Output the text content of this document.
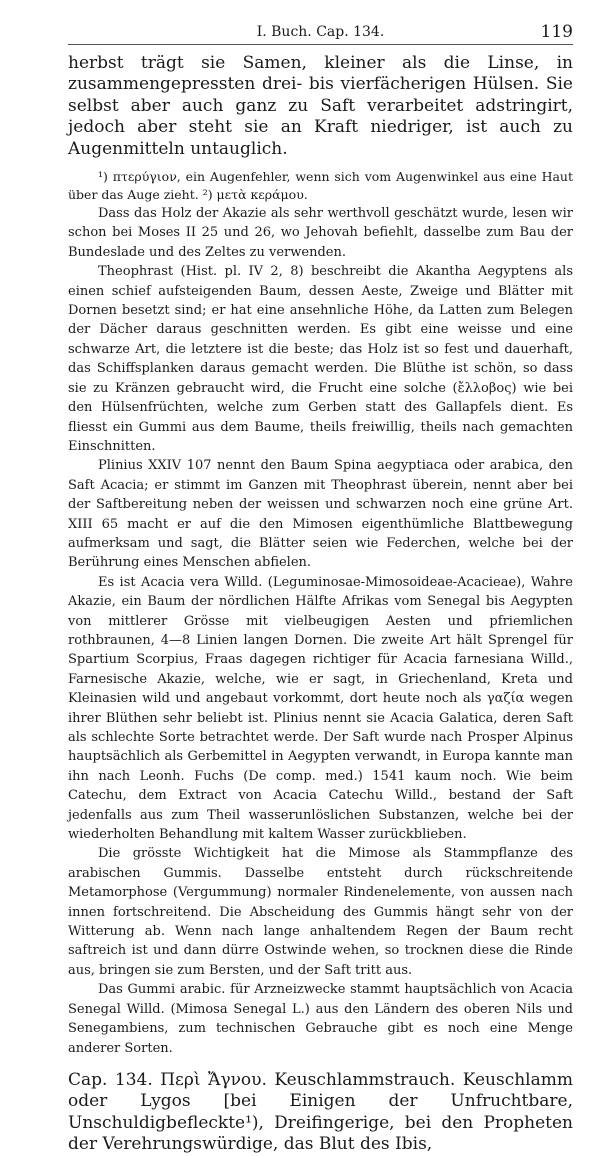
I. Buch. Cap. 134.	119

herbst trägt sie Samen, kleiner als die Linse, in zusammengepressten drei- bis vierfächerigen Hülsen. Sie selbst aber auch ganz zu Saft verarbeitet adstringirt, jedoch aber steht sie an Kraft niedriger, ist auch zu Augenmitteln untauglich.

¹) πτερύγιον, ein Augenfehler, wenn sich vom Augenwinkel aus eine Haut über das Auge zieht. ²) μετὰ κεράμου.

Dass das Holz der Akazie als sehr werthvoll geschätzt wurde, lesen wir schon bei Moses II 25 und 26, wo Jehovah befiehlt, dasselbe zum Bau der Bundeslade und des Zeltes zu verwenden.

Theophrast (Hist. pl. IV 2, 8) beschreibt die Akantha Aegyptens als einen schief aufsteigenden Baum, dessen Aeste, Zweige und Blätter mit Dornen besetzt sind; er hat eine ansehnliche Höhe, da Latten zum Belegen der Dächer daraus geschnitten werden. Es gibt eine weisse und eine schwarze Art, die letztere ist die beste; das Holz ist so fest und dauerhaft, das Schiffsplanken daraus gemacht werden. Die Blüthe ist schön, so dass sie zu Kränzen gebraucht wird, die Frucht eine solche (ἔλλοβος) wie bei den Hülsenfrüchten, welche zum Gerben statt des Gallapfels dient. Es fliesst ein Gummi aus dem Baume, theils freiwillig, theils nach gemachten Einschnitten.

Plinius XXIV 107 nennt den Baum Spina aegyptiaca oder arabica, den Saft Acacia; er stimmt im Ganzen mit Theophrast überein, nennt aber bei der Saftbereitung neben der weissen und schwarzen noch eine grüne Art. XIII 65 macht er auf die den Mimosen eigenthümliche Blattbewegung aufmerksam und sagt, die Blätter seien wie Federchen, welche bei der Berührung eines Menschen abfielen.

Es ist Acacia vera Willd. (Leguminosae-Mimosoideae-Acacieae), Wahre Akazie, ein Baum der nördlichen Hälfte Afrikas vom Senegal bis Aegypten von mittlerer Grösse mit vielbeugigen Aesten und pfriemlichen rothbraunen, 4—8 Linien langen Dornen. Die zweite Art hält Sprengel für Spartium Scorpius, Fraas dagegen richtiger für Acacia farnesiana Willd., Farnesische Akazie, welche, wie er sagt, in Griechenland, Kreta und Kleinasien wild und angebaut vorkommt, dort heute noch als γαζία wegen ihrer Blüthen sehr beliebt ist. Plinius nennt sie Acacia Galatica, deren Saft als schlechte Sorte betrachtet werde. Der Saft wurde nach Prosper Alpinus hauptsächlich als Gerbemittel in Aegypten verwandt, in Europa kannte man ihn nach Leonh. Fuchs (De comp. med.) 1541 kaum noch. Wie beim Catechu, dem Extract von Acacia Catechu Willd., bestand der Saft jedenfalls aus zum Theil wasserunlöslichen Substanzen, welche bei der wiederholten Behandlung mit kaltem Wasser zurückblieben.

Die grösste Wichtigkeit hat die Mimose als Stammpflanze des arabischen Gummis. Dasselbe entsteht durch rückschreitende Metamorphose (Vergummung) normaler Rindenelemente, von aussen nach innen fortschreitend. Die Abscheidung des Gummis hängt sehr von der Witterung ab. Wenn nach lange anhaltendem Regen der Baum recht saftreich ist und dann dürre Ostwinde wehen, so trocknen diese die Rinde aus, bringen sie zum Bersten, und der Saft tritt aus.

Das Gummi arabic. für Arzneizwecke stammt hauptsächlich von Acacia Senegal Willd. (Mimosa Senegal L.) aus den Ländern des oberen Nils und Senegambiens, zum technischen Gebrauche gibt es noch eine Menge anderer Sorten.

Cap. 134. Περὶ Ἄγνου. Keuschlammstrauch. Keuschlamm oder Lygos [bei Einigen der Unfruchtbare, Unschuldigbefleckte¹), Dreifingerige, bei den Propheten der Verehrungswürdige, das Blut des Ibis,
